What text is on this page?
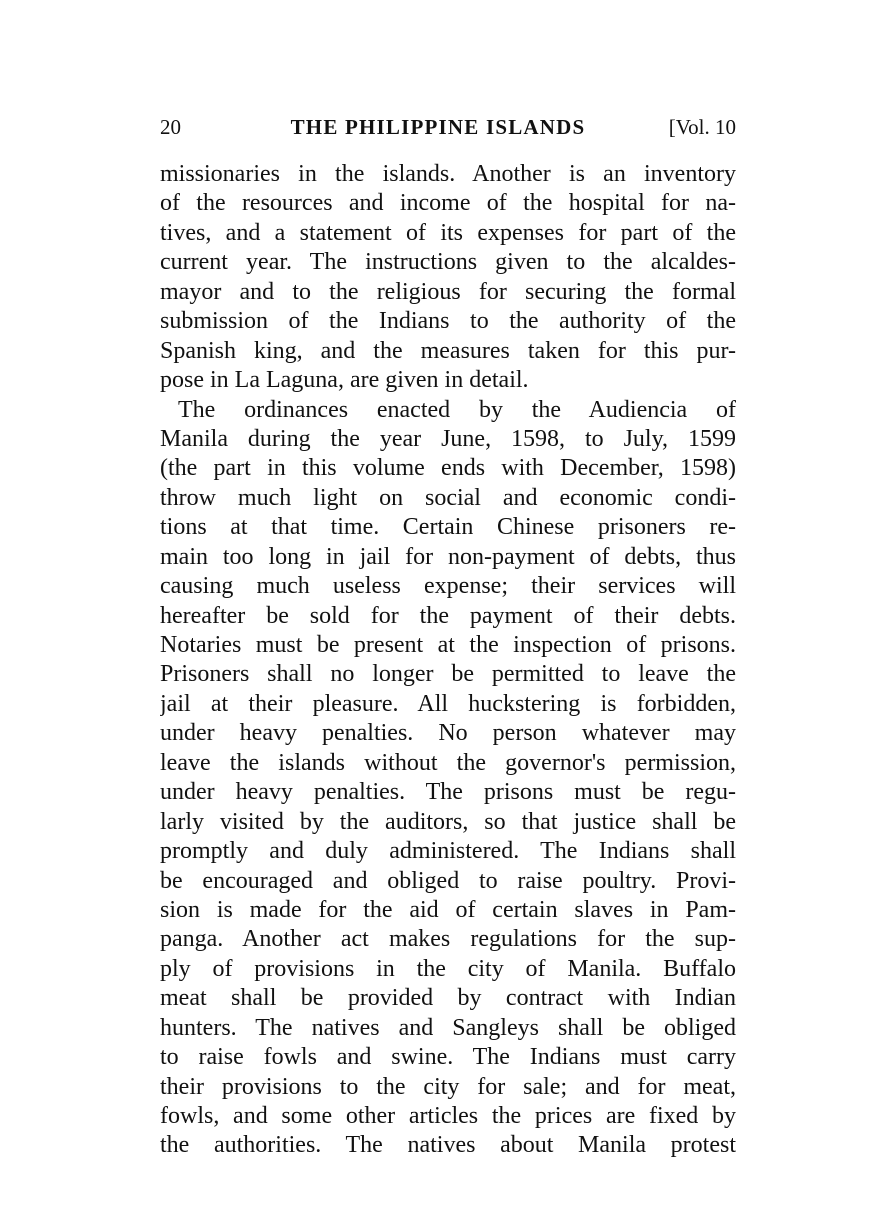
20	THE PHILIPPINE ISLANDS	[Vol. 10
missionaries in the islands. Another is an inventory
of the resources and income of the hospital for na-
tives, and a statement of its expenses for part of the
current year. The instructions given to the alcaldes-
mayor and to the religious for securing the formal
submission of the Indians to the authority of the
Spanish king, and the measures taken for this pur-
pose in La Laguna, are given in detail.
The ordinances enacted by the Audiencia of
Manila during the year June, 1598, to July, 1599
(the part in this volume ends with December, 1598)
throw much light on social and economic condi-
tions at that time. Certain Chinese prisoners re-
main too long in jail for non-payment of debts, thus
causing much useless expense; their services will
hereafter be sold for the payment of their debts.
Notaries must be present at the inspection of prisons.
Prisoners shall no longer be permitted to leave the
jail at their pleasure. All huckstering is forbidden,
under heavy penalties. No person whatever may
leave the islands without the governor's permission,
under heavy penalties. The prisons must be regu-
larly visited by the auditors, so that justice shall be
promptly and duly administered. The Indians shall
be encouraged and obliged to raise poultry. Provi-
sion is made for the aid of certain slaves in Pam-
panga. Another act makes regulations for the sup-
ply of provisions in the city of Manila. Buffalo
meat shall be provided by contract with Indian
hunters. The natives and Sangleys shall be obliged
to raise fowls and swine. The Indians must carry
their provisions to the city for sale; and for meat,
fowls, and some other articles the prices are fixed by
the authorities. The natives about Manila protest
